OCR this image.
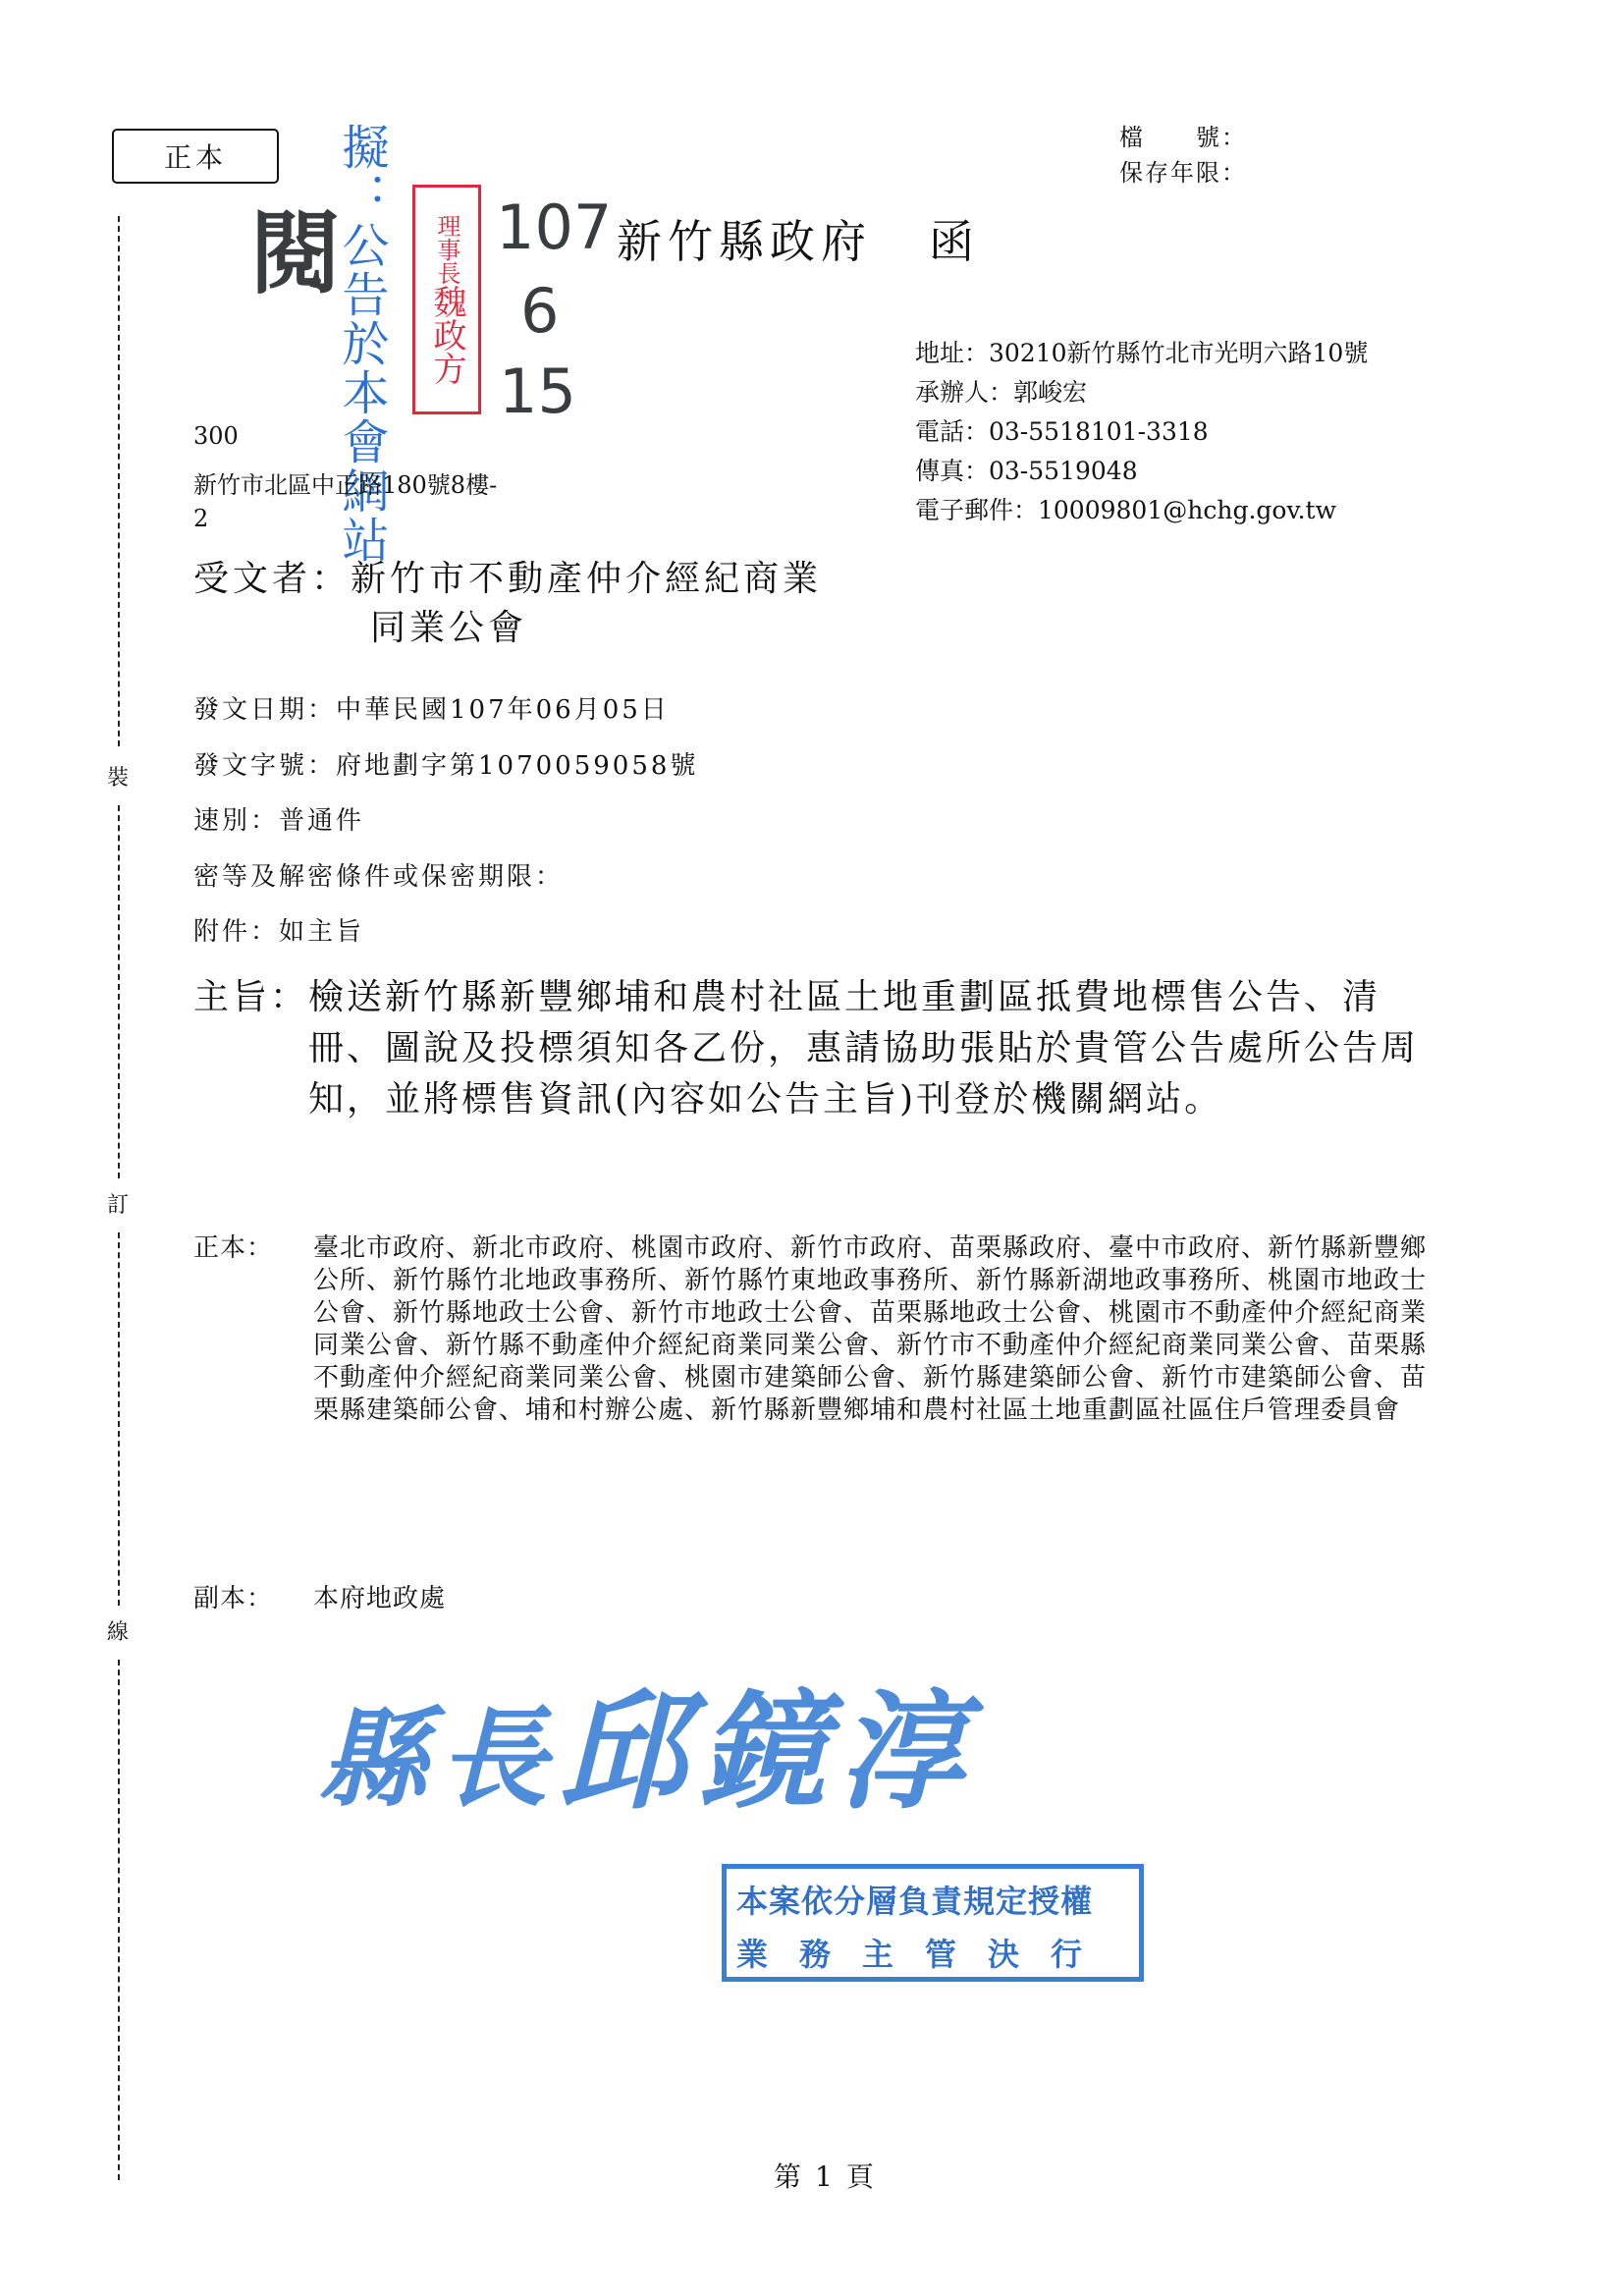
正本
檔　　號：
保存年限：
裝
訂
線
閱
擬：公告於本會網站 理事長
魏政方
107
6
15
新竹縣政府 函
地址：30210新竹縣竹北市光明六路10號
承辦人：郭峻宏
電話：03-5518101-3318
傳真：03-5519048
電子郵件：10009801@hchg.gov.tw
300
新竹市北區中正路180號8樓-
2
受文者：新竹市不動產仲介經紀商業
同業公會
發文日期：中華民國107年06月05日
發文字號：府地劃字第1070059058號
速別：普通件
密等及解密條件或保密期限：
附件：如主旨
主旨： 檢送新竹縣新豐鄉埔和農村社區土地重劃區抵費地標售公告、清冊、圖說及投標須知各乙份，惠請協助張貼於貴管公告處所公告周知，並將標售資訊(內容如公告主旨)刊登於機關網站。
正本：	臺北市政府、新北市政府、桃園市政府、新竹市政府、苗栗縣政府、臺中市政府、新竹縣新豐鄉公所、新竹縣竹北地政事務所、新竹縣竹東地政事務所、新竹縣新湖地政事務所、桃園市地政士公會、新竹縣地政士公會、新竹市地政士公會、苗栗縣地政士公會、桃園市不動產仲介經紀商業同業公會、新竹縣不動產仲介經紀商業同業公會、新竹市不動產仲介經紀商業同業公會、苗栗縣不動產仲介經紀商業同業公會、桃園市建築師公會、新竹縣建築師公會、新竹市建築師公會、苗栗縣建築師公會、埔和村辦公處、新竹縣新豐鄉埔和農村社區土地重劃區社區住戶管理委員會
副本：	本府地政處
縣長邱鏡淳
本案依分層負責規定授權
業務主管決行
第1頁
